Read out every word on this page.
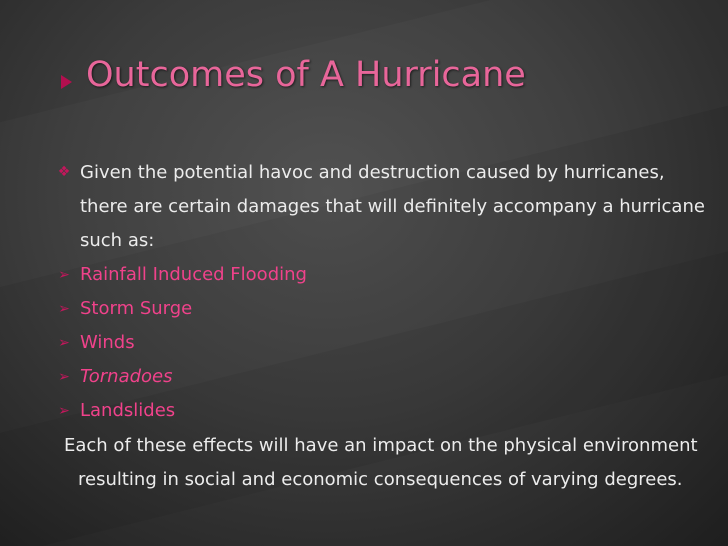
Outcomes of A Hurricane
❖ Given the potential havoc and destruction caused by hurricanes, there are certain damages that will definitely accompany a hurricane such as:
➢ Rainfall Induced Flooding
➢ Storm Surge
➢ Winds
➢ Tornadoes
➢ Landslides
Each of these effects will have an impact on the physical environment resulting in social and economic consequences of varying degrees.
